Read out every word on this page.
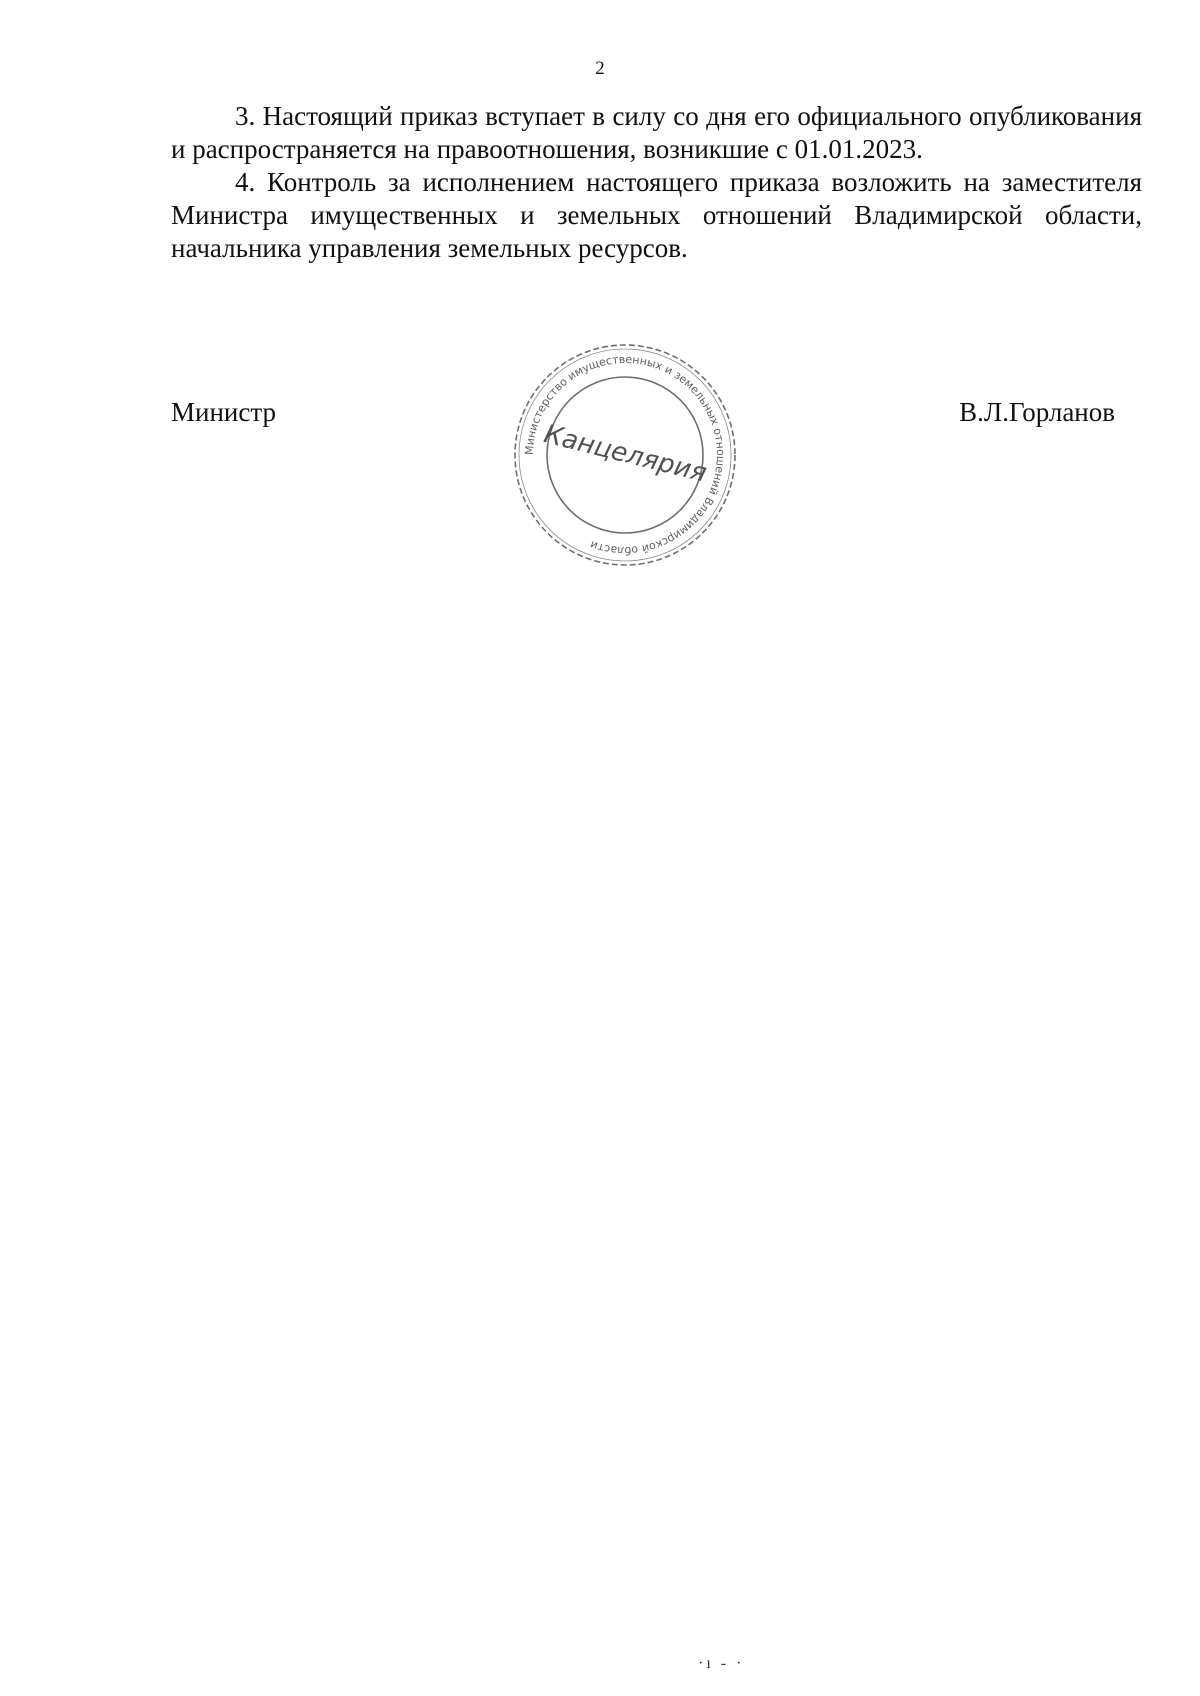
2

3. Настоящий приказ вступает в силу со дня его официального опубликования и распространяется на правоотношения, возникшие с 01.01.2023.

4. Контроль за исполнением настоящего приказа возложить на заместителя Министра имущественных и земельных отношений Владимирской области, начальника управления земельных ресурсов.

Министр
Министерство имущественных и земельных отношений Владимирской области
Канцелярия
В.Л.Горланов
·ı - ·
